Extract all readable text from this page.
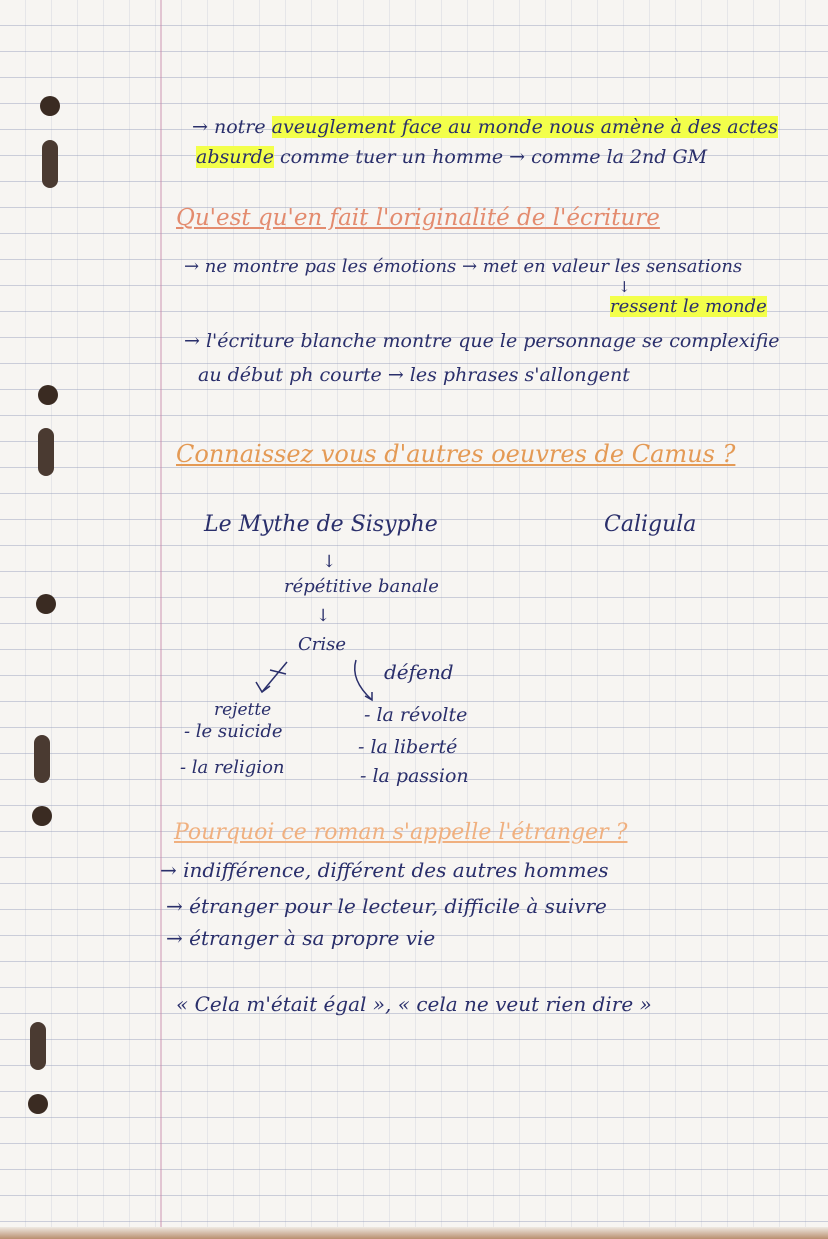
→ notre aveuglement face au monde nous amène à des actes
absurde comme tuer un homme → comme la 2nd GM
Qu'est qu'en fait l'originalité de l'écriture
→ ne montre pas les émotions → met en valeur les sensations
↓
ressent le monde
→ l'écriture blanche montre que le personnage se complexifie
au début ph courte → les phrases s'allongent
Connaissez vous d'autres oeuvres de Camus ?
Le Mythe de Sisyphe	Caligula
↓
répétitive banale
↓
Crise
rejette
- le suicide
- la religion
défend
- la révolte
- la liberté
- la passion
Pourquoi ce roman s'appelle l'étranger ?
→ indifférence, différent des autres hommes
→ étranger pour le lecteur, difficile à suivre
→ étranger à sa propre vie
« Cela m'était égal », « cela ne veut rien dire »
